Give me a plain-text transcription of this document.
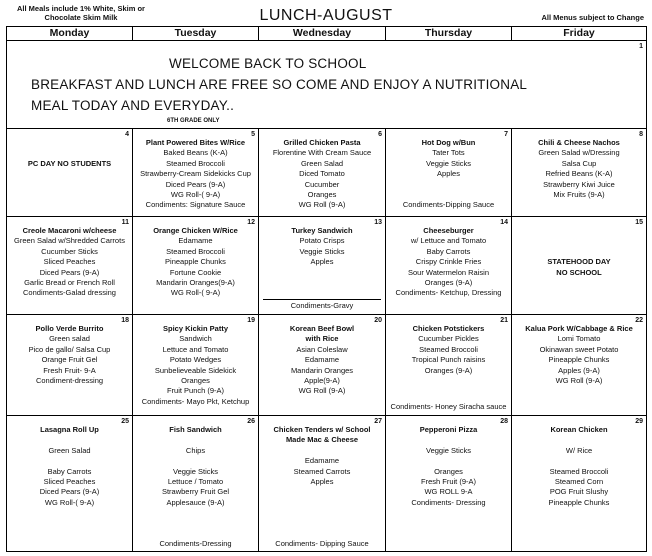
All Meals include 1% White, Skim or
Chocolate Skim Milk	LUNCH-AUGUST	All Menus subject to Change
Monday	Tuesday	Wednesday	Thursday	Friday
1
WELCOME BACK TO SCHOOL
BREAKFAST AND LUNCH ARE FREE SO COME AND ENJOY A NUTRITIONAL
MEAL TODAY AND EVERYDAY..
6TH GRADE ONLY
4

PC DAY NO STUDENTS
5
Plant Powered Bites W/Rice
Baked Beans (K-A)
Steamed Broccoli
Strawberry-Cream Sidekicks Cup
Diced Pears (9-A)
WG Roll-( 9-A)
Condiments: Signature Sauce
6
Grilled Chicken Pasta
Florentine With Cream Sauce
Green Salad
Diced Tomato
Cucumber
Oranges
WG Roll (9-A)
7
Hot Dog w/Bun
Tater Tots
Veggie Sticks
Apples

Condiments-Dipping Sauce
8
Chili & Cheese Nachos
Green Salad w/Dressing
Salsa Cup
Refried Beans (K-A)
Strawberry Kiwi Juice
Mix Fruits (9-A)
11
Creole Macaroni w/cheese
Green Salad w/Shredded Carrots
Cucumber Sticks
Sliced Peaches
Diced Pears (9-A)
Garlic Bread or French Roll
Condiments-Galad dressing
12
Orange Chicken W/Rice
Edamame
Steamed Broccoli
Pineapple Chunks
Fortune Cookie
Mandarin Oranges(9-A)
WG Roll-( 9-A)
13
Turkey Sandwich
Potato Crisps
Veggie Sticks
Apples
Condiments-Gravy
14
Cheeseburger
w/ Lettuce and Tomato
Baby Carrots
Crispy Crinkle Fries
Sour Watermelon Raisin
Oranges (9-A)
Condiments- Ketchup, Dressing
15

STATEHOOD DAY
NO SCHOOL
18
Pollo Verde Burrito
Green salad
Pico de gallo/ Salsa Cup
Orange Fruit Gel
Fresh Fruit- 9-A
Condiment-dressing
19
Spicy Kickin Patty
Sandwich
Lettuce and Tomato
Potato Wedges
Sunbelieveable Sidekick
Oranges
Fruit Punch (9-A)
Condiments- Mayo Pkt, Ketchup
20
Korean Beef Bowl
with Rice
Asian Coleslaw
Edamame
Mandarin Oranges
Apple(9-A)
WG Roll (9-A)
21
Chicken Potstickers
Cucumber Pickles
Steamed Broccoli
Tropical Punch raisins
Oranges (9-A)
Condiments- Honey Siracha sauce
22
Kalua Pork W/Cabbage & Rice
Lomi Tomato
Okinawan sweet Potato
Pineapple Chunks
Apples (9-A)
WG Roll (9-A)
25
Lasagna Roll Up

Green Salad

Baby Carrots
Sliced Peaches
Diced Pears (9-A)
WG Roll-( 9-A)
26
Fish Sandwich

Chips

Veggie Sticks
Lettuce / Tomato
Strawberry Fruit Gel
Applesauce (9-A)
Condiments-Dressing
27
Chicken Tenders w/ School
Made Mac & Cheese

Edamame
Steamed Carrots
Apples
Condiments- Dipping Sauce
28
Pepperoni Pizza

Veggie Sticks

Oranges
Fresh Fruit (9-A)
WG ROLL 9-A
Condiments- Dressing
29
Korean Chicken

W/ Rice

Steamed Broccoli
Steamed Corn
POG Fruit Slushy
Pineapple Chunks
